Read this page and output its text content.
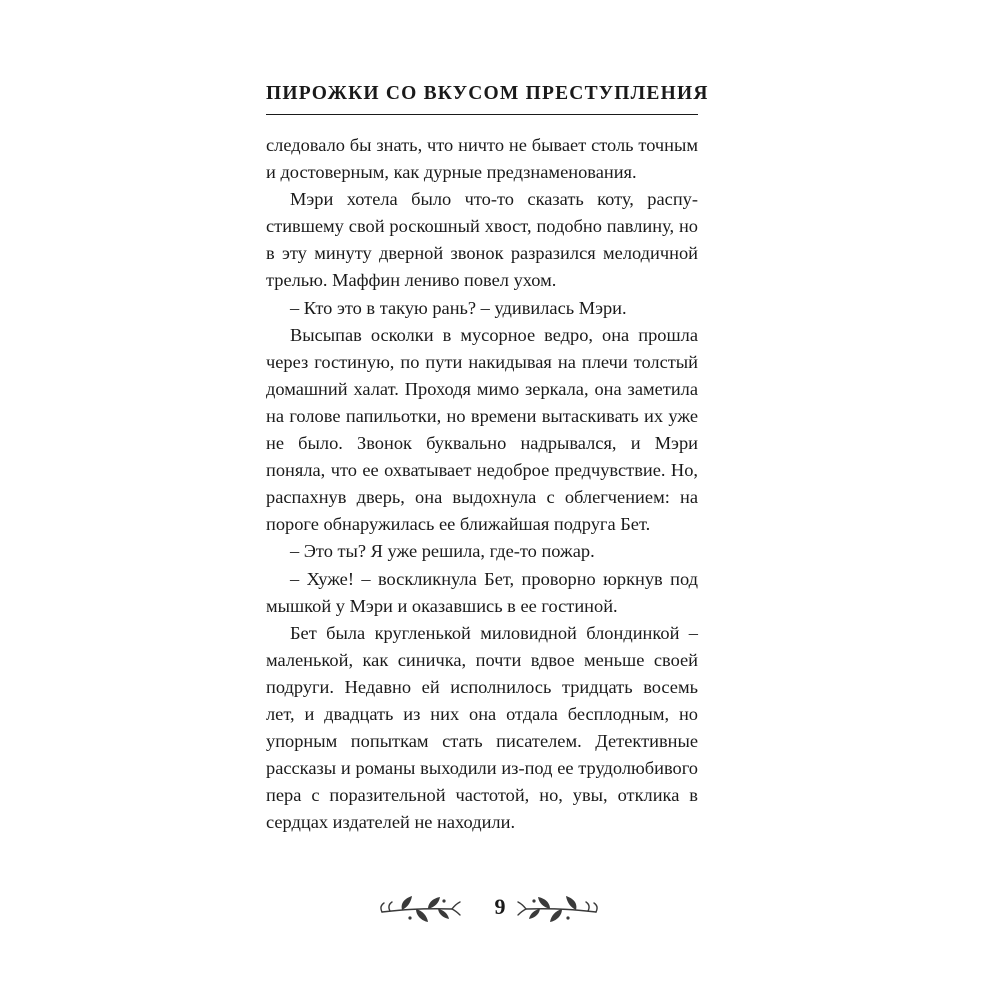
ПИРОЖКИ СО ВКУСОМ ПРЕСТУПЛЕНИЯ

следовало бы знать, что ничто не бывает столь точным и достоверным, как дурные предзнаменования.

Мэри хотела было что-то сказать коту, распустившему свой роскошный хвост, подобно павлину, но в эту минуту дверной звонок разразился мелодичной трелью. Маффин лениво повел ухом.

– Кто это в такую рань? – удивилась Мэри.

Высыпав осколки в мусорное ведро, она прошла через гостиную, по пути накидывая на плечи толстый домашний халат. Проходя мимо зеркала, она заметила на голове папильотки, но времени вытаскивать их уже не было. Звонок буквально надрывался, и Мэри поняла, что ее охватывает недоброе предчувствие. Но, распахнув дверь, она выдохнула с облегчением: на пороге обнаружилась ее ближайшая подруга Бет.

– Это ты? Я уже решила, где-то пожар.

– Хуже! – воскликнула Бет, проворно юркнув под мышкой у Мэри и оказавшись в ее гостиной.

Бет была кругленькой миловидной блондинкой – маленькой, как синичка, почти вдвое меньше своей подруги. Недавно ей исполнилось тридцать восемь лет, и двадцать из них она отдала бесплодным, но упорным попыткам стать писателем. Детективные рассказы и романы выходили из-под ее трудолюбивого пера с поразительной частотой, но, увы, отклика в сердцах издателей не находили.

9
